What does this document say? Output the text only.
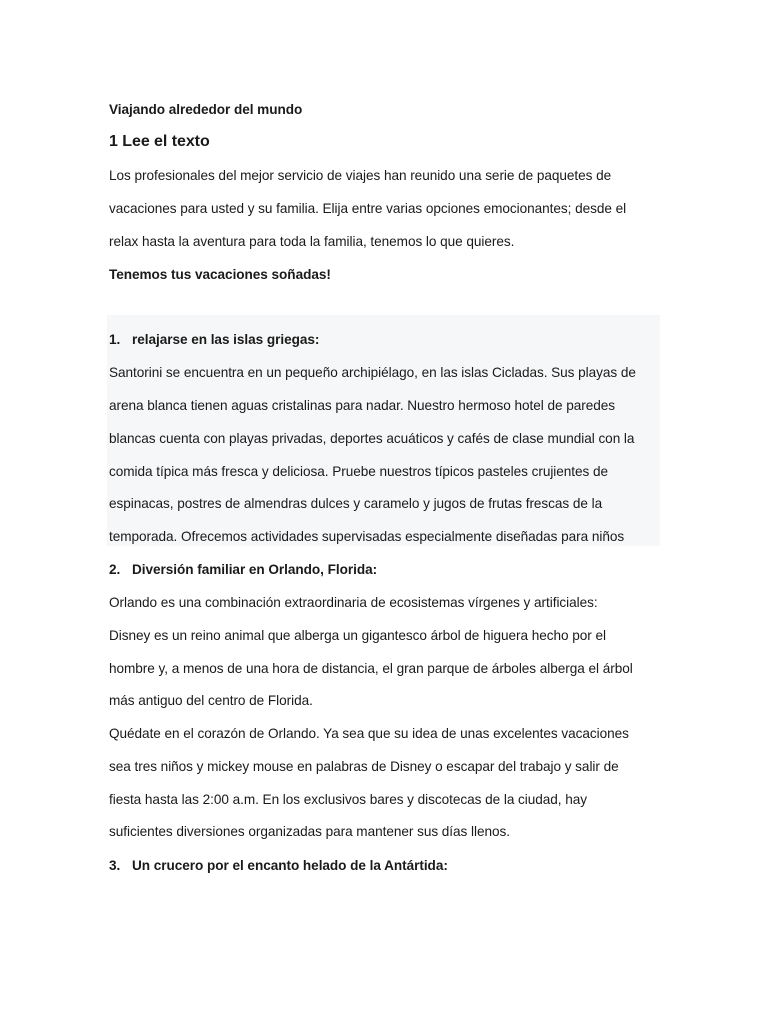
Viajando alrededor del mundo
1 Lee el texto
Los profesionales del mejor servicio de viajes han reunido una serie de paquetes de
vacaciones para usted y su familia. Elija entre varias opciones emocionantes; desde el
relax hasta la aventura para toda la familia, tenemos lo que quieres.
Tenemos tus vacaciones soñadas!
1. relajarse en las islas griegas:
Santorini se encuentra en un pequeño archipiélago, en las islas Cicladas. Sus playas de
arena blanca tienen aguas cristalinas para nadar. Nuestro hermoso hotel de paredes
blancas cuenta con playas privadas, deportes acuáticos y cafés de clase mundial con la
comida típica más fresca y deliciosa. Pruebe nuestros típicos pasteles crujientes de
espinacas, postres de almendras dulces y caramelo y jugos de frutas frescas de la
temporada. Ofrecemos actividades supervisadas especialmente diseñadas para niños
2. Diversión familiar en Orlando, Florida:
Orlando es una combinación extraordinaria de ecosistemas vírgenes y artificiales:
Disney es un reino animal que alberga un gigantesco árbol de higuera hecho por el
hombre y, a menos de una hora de distancia, el gran parque de árboles alberga el árbol
más antiguo del centro de Florida.
Quédate en el corazón de Orlando. Ya sea que su idea de unas excelentes vacaciones
sea tres niños y mickey mouse en palabras de Disney o escapar del trabajo y salir de
fiesta hasta las 2:00 a.m. En los exclusivos bares y discotecas de la ciudad, hay
suficientes diversiones organizadas para mantener sus días llenos.
3. Un crucero por el encanto helado de la Antártida:
